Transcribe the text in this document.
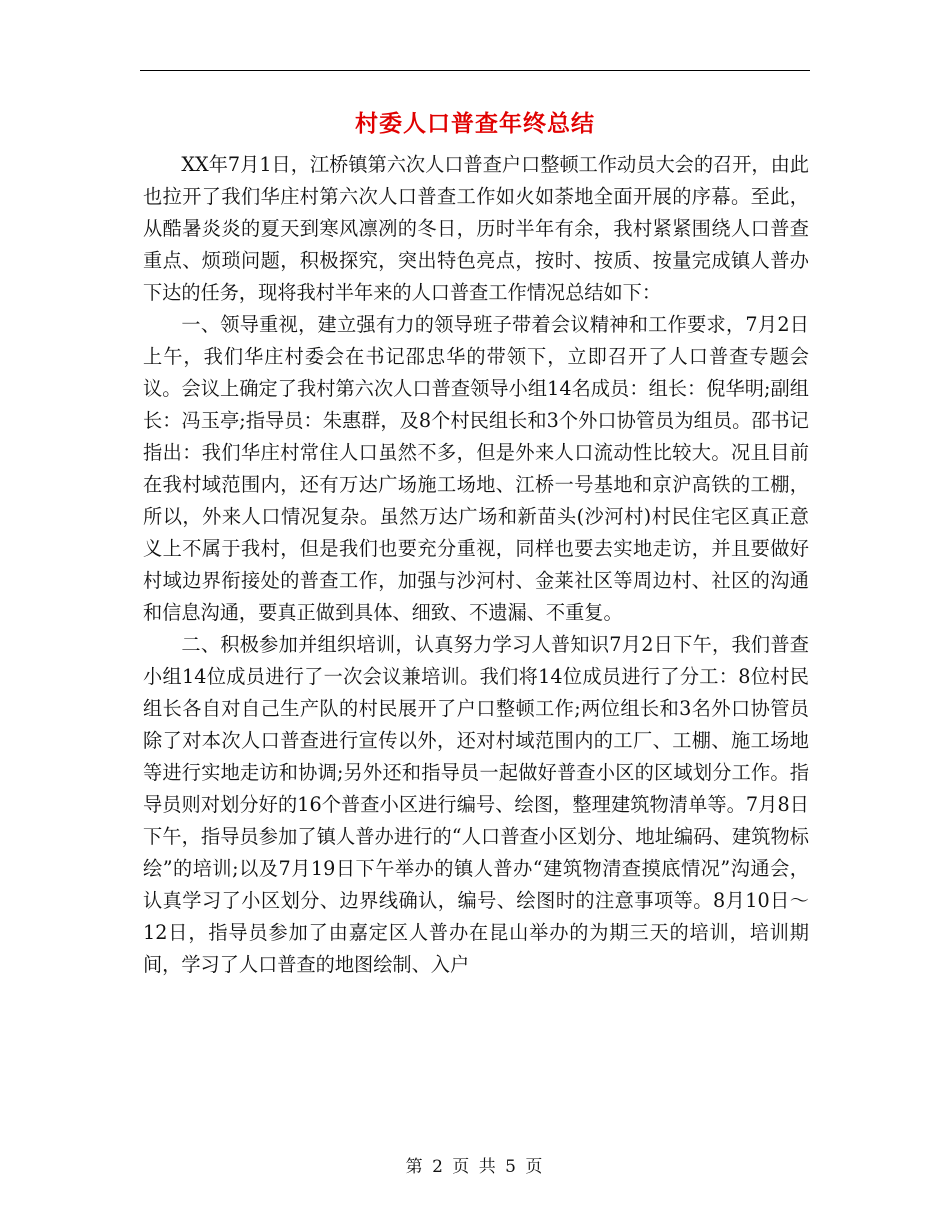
村委人口普查年终总结

XX年7月1日，江桥镇第六次人口普查户口整顿工作动员大会的召开，由此也拉开了我们华庄村第六次人口普查工作如火如荼地全面开展的序幕。至此，从酷暑炎炎的夏天到寒风凛冽的冬日，历时半年有余，我村紧紧围绕人口普查重点、烦琐问题，积极探究，突出特色亮点，按时、按质、按量完成镇人普办下达的任务，现将我村半年来的人口普查工作情况总结如下：

一、领导重视，建立强有力的领导班子带着会议精神和工作要求，7月2日上午，我们华庄村委会在书记邵忠华的带领下，立即召开了人口普查专题会议。会议上确定了我村第六次人口普查领导小组14名成员：组长：倪华明;副组长：冯玉亭;指导员：朱惠群，及8个村民组长和3个外口协管员为组员。邵书记指出：我们华庄村常住人口虽然不多，但是外来人口流动性比较大。况且目前在我村域范围内，还有万达广场施工场地、江桥一号基地和京沪高铁的工棚，所以，外来人口情况复杂。虽然万达广场和新苗头(沙河村)村民住宅区真正意义上不属于我村，但是我们也要充分重视，同样也要去实地走访，并且要做好村域边界衔接处的普查工作，加强与沙河村、金莱社区等周边村、社区的沟通和信息沟通，要真正做到具体、细致、不遗漏、不重复。

二、积极参加并组织培训，认真努力学习人普知识7月2日下午，我们普查小组14位成员进行了一次会议兼培训。我们将14位成员进行了分工：8位村民组长各自对自己生产队的村民展开了户口整顿工作;两位组长和3名外口协管员除了对本次人口普查进行宣传以外，还对村域范围内的工厂、工棚、施工场地等进行实地走访和协调;另外还和指导员一起做好普查小区的区域划分工作。指导员则对划分好的16个普查小区进行编号、绘图，整理建筑物清单等。7月8日下午，指导员参加了镇人普办进行的“人口普查小区划分、地址编码、建筑物标绘”的培训;以及7月19日下午举办的镇人普办“建筑物清查摸底情况”沟通会，认真学习了小区划分、边界线确认，编号、绘图时的注意事项等。8月10日～12日，指导员参加了由嘉定区人普办在昆山举办的为期三天的培训，培训期间，学习了人口普查的地图绘制、入户

第 2 页 共 5 页
